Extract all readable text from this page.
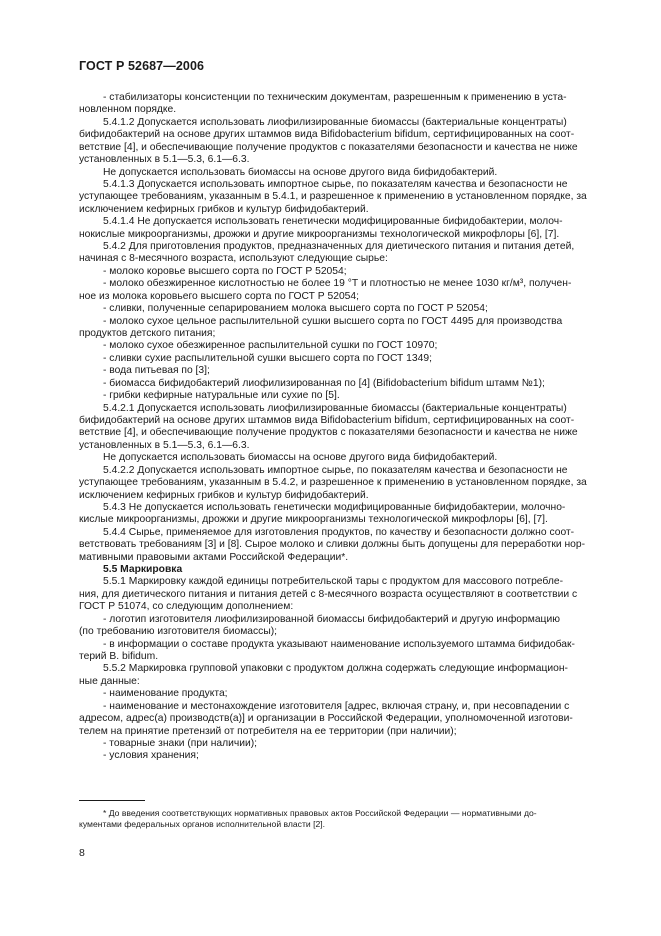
ГОСТ Р 52687—2006

- стабилизаторы консистенции по техническим документам, разрешенным к применению в уста-

новленном порядке.

5.4.1.2 Допускается использовать лиофилизированные биомассы (бактериальные концентраты)

бифидобактерий на основе других штаммов вида Bifidobacterium bifidum, сертифицированных на соот-

ветствие [4], и обеспечивающие получение продуктов с показателями безопасности и качества не ниже

установленных в 5.1—5.3, 6.1—6.3.

Не допускается использовать биомассы на основе другого вида бифидобактерий.

5.4.1.3 Допускается использовать импортное сырье, по показателям качества и безопасности не

уступающее требованиям, указанным в 5.4.1, и разрешенное к применению в установленном порядке, за

исключением кефирных грибков и культур бифидобактерий.

5.4.1.4 Не допускается использовать генетически модифицированные бифидобактерии, молоч-

нокислые микроорганизмы, дрожжи и другие микроорганизмы технологической микрофлоры [6], [7].

5.4.2 Для приготовления продуктов, предназначенных для диетического питания и питания детей,

начиная с 8-месячного возраста, используют следующие сырье:

- молоко коровье высшего сорта по ГОСТ Р 52054;

- молоко обезжиренное кислотностью не более 19 °Т и плотностью не менее 1030 кг/м³, получен-

ное из молока коровьего высшего сорта по ГОСТ Р 52054;

- сливки, полученные сепарированием молока высшего сорта по ГОСТ Р 52054;

- молоко сухое цельное распылительной сушки высшего сорта по ГОСТ 4495 для производства

продуктов детского питания;

- молоко сухое обезжиренное распылительной сушки по ГОСТ 10970;

- сливки сухие распылительной сушки высшего сорта по ГОСТ 1349;

- вода питьевая по [3];

- биомасса бифидобактерий лиофилизированная по [4] (Bifidobacterium bifidum штамм №1);

- грибки кефирные натуральные или сухие по [5].

5.4.2.1 Допускается использовать лиофилизированные биомассы (бактериальные концентраты)

бифидобактерий на основе других штаммов вида Bifidobacterium bifidum, сертифицированных на соот-

ветствие [4], и обеспечивающие получение продуктов с показателями безопасности и качества не ниже

установленных в 5.1—5.3, 6.1—6.3.

Не допускается использовать биомассы на основе другого вида бифидобактерий.

5.4.2.2 Допускается использовать импортное сырье, по показателям качества и безопасности не

уступающее требованиям, указанным в 5.4.2, и разрешенное к применению в установленном порядке, за

исключением кефирных грибков и культур бифидобактерий.

5.4.3 Не допускается использовать генетически модифицированные бифидобактерии, молочно-

кислые микроорганизмы, дрожжи и другие микроорганизмы технологической микрофлоры [6], [7].

5.4.4 Сырье, применяемое для изготовления продуктов, по качеству и безопасности должно соот-

ветствовать требованиям [3] и [8]. Сырое молоко и сливки должны быть допущены для переработки нор-

мативными правовыми актами Российской Федерации*.

5.5 Маркировка

5.5.1 Маркировку каждой единицы потребительской тары с продуктом для массового потребле-

ния, для диетического питания и питания детей с 8-месячного возраста осуществляют в соответствии с

ГОСТ Р 51074, со следующим дополнением:

- логотип изготовителя лиофилизированной биомассы бифидобактерий и другую информацию

(по требованию изготовителя биомассы);

- в информации о составе продукта указывают наименование используемого штамма бифидобак-

терий B. bifidum.

5.5.2 Маркировка групповой упаковки с продуктом должна содержать следующие информацион-

ные данные:

- наименование продукта;

- наименование и местонахождение изготовителя [адрес, включая страну, и, при несовпадении с

адресом, адрес(а) производств(а)] и организации в Российской Федерации, уполномоченной изготови-

телем на принятие претензий от потребителя на ее территории (при наличии);

- товарные знаки (при наличии);

- условия хранения;

* До введения соответствующих нормативных правовых актов Российской Федерации — нормативными до-

кументами федеральных органов исполнительной власти [2].

8
